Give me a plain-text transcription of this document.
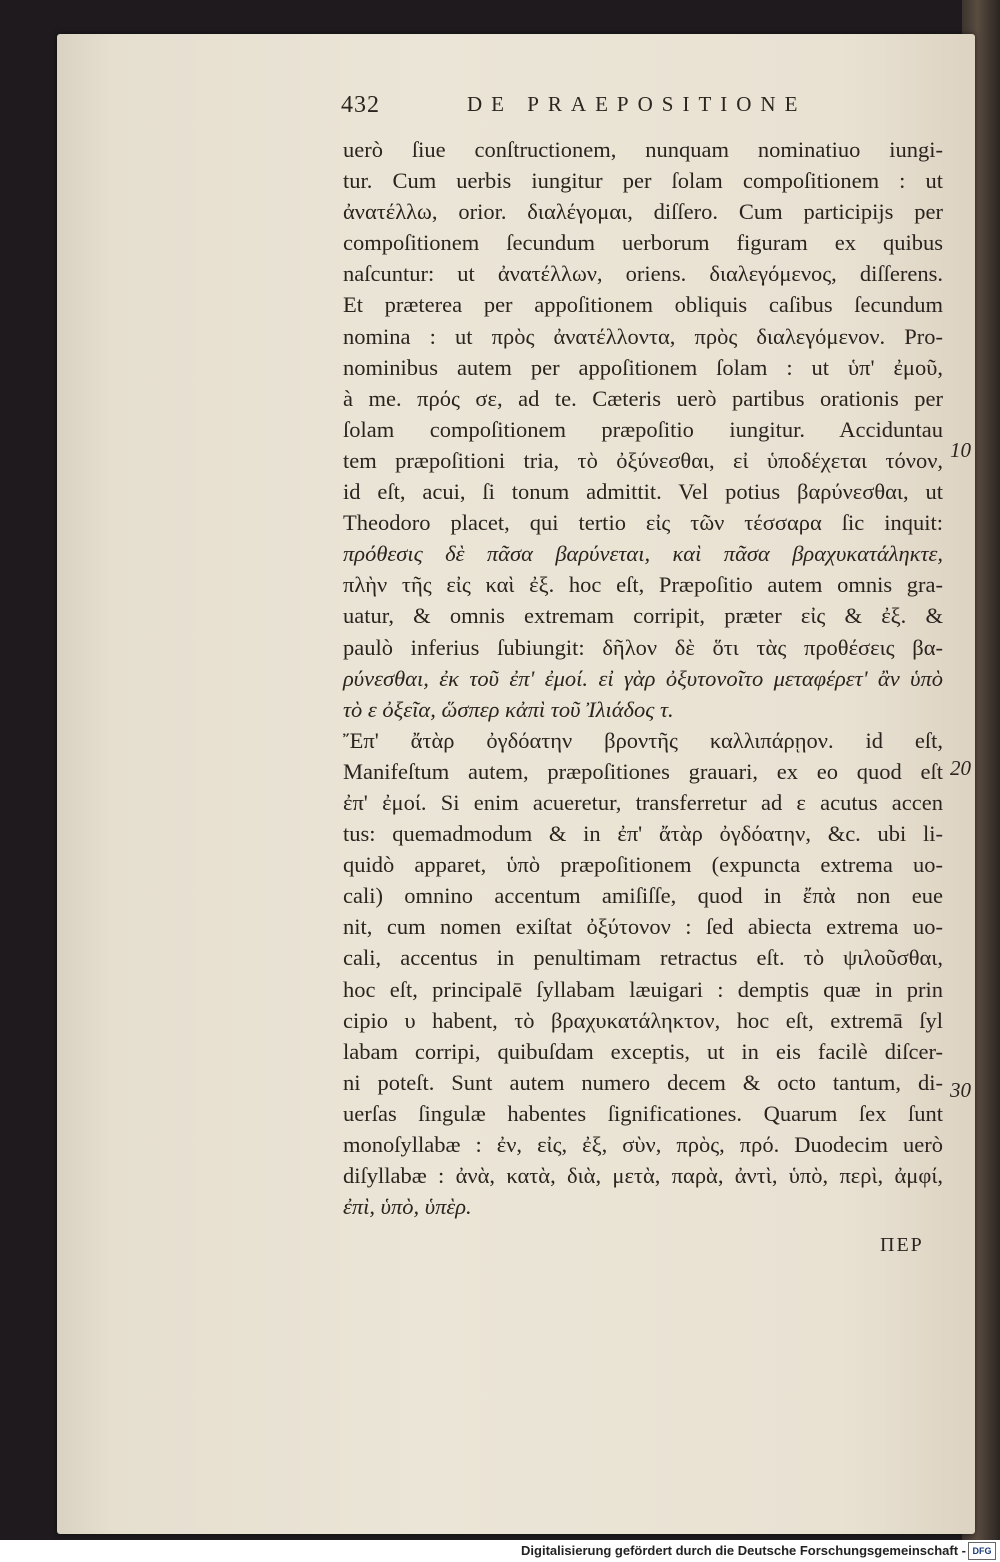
432	DE PRAEPOSITIONE
uerò ſiue conſtructionem, nunquam nominatiuo iungi-
tur. Cum uerbis iungitur per ſolam compoſitionem : ut
ἀνατέλλω, orior. διαλέγομαι, diſſero. Cum participijs per
compoſitionem ſecundum uerborum figuram ex quibus
naſcuntur: ut ἀνατέλλων, oriens. διαλεγόμενος, diſſerens.
Et præterea per appoſitionem obliquis caſibus ſecundum
nomina : ut πρὸς ἀνατέλλοντα, πρὸς διαλεγόμενον. Pro-
nominibus autem per appoſitionem ſolam : ut ὑπ' ἐμοῦ,
à me. πρός σε, ad te. Cæteris uerò partibus orationis per
ſolam compoſitionem præpoſitio iungitur. Acciduntau
tem præpoſitioni tria, τὸ ὀξύνεσθαι, εἰ ὑποδέχεται τόνον,
id eſt, acui, ſi tonum admittit. Vel potius βαρύνεσθαι, ut
Theodoro placet, qui tertio εἰς τῶν τέσσαρα ſic inquit:
πρόθεσις δὲ πᾶσα βαρύνεται, καὶ πᾶσα βραχυκατάληκτε,
πλὴν τῆς εἰς καὶ ἐξ. hoc eſt, Præpoſitio autem omnis gra-
uatur, & omnis extremam corripit, præter εἰς & ἐξ. &
paulò inferius ſubiungit: δῆλον δὲ ὅτι τὰς προθέσεις βα-
ρύνεσθαι, ἐκ τοῦ ἐπ' ἐμοί. εἰ γὰρ ὀξυτονοῖτο μεταφέρετ' ἂν ὑπὸ
τὸ ε ὀξεῖα, ὥσπερ κἀπὶ τοῦ Ἰλιάδος τ.
Ἔπ' ἄτὰρ ὀγδόατην βροντῆς καλλιπάρῃον. id eſt,
Manifeſtum autem, præpoſitiones grauari, ex eo quod eſt
ἐπ' ἐμοί. Si enim acueretur, transferretur ad ε acutus accen
tus: quemadmodum & in ἐπ' ἄτὰρ ὀγδόατην, &c. ubi li-
quidò apparet, ὑπὸ præpoſitionem (expuncta extrema uo-
cali) omnino accentum amiſiſſe, quod in ἔπὰ non eue
nit, cum nomen exiſtat ὀξύτονον : ſed abiecta extrema uo-
cali, accentus in penultimam retractus eſt. τὸ ψιλοῦσθαι,
hoc eſt, principalē ſyllabam læuigari : demptis quæ in prin
cipio υ habent, τὸ βραχυκατάληκτον, hoc eſt, extremā ſyl
labam corripi, quibuſdam exceptis, ut in eis facilè diſcer-
ni poteſt. Sunt autem numero decem & octo tantum, di-
uerſas ſingulæ habentes ſignificationes. Quarum ſex ſunt
monoſyllabæ : ἐν, εἰς, ἐξ, σὺν, πρὸς, πρό. Duodecim uerò
diſyllabæ : ἀνὰ, κατὰ, διὰ, μετὰ, παρὰ, ἀντὶ, ὑπὸ, περὶ, ἀμφί,
ἐπὶ, ὑπὸ, ὑπὲρ.
10
20
30
ΠΕΡ
Digitalisierung gefördert durch die Deutsche Forschungsgemeinschaft - DFG
